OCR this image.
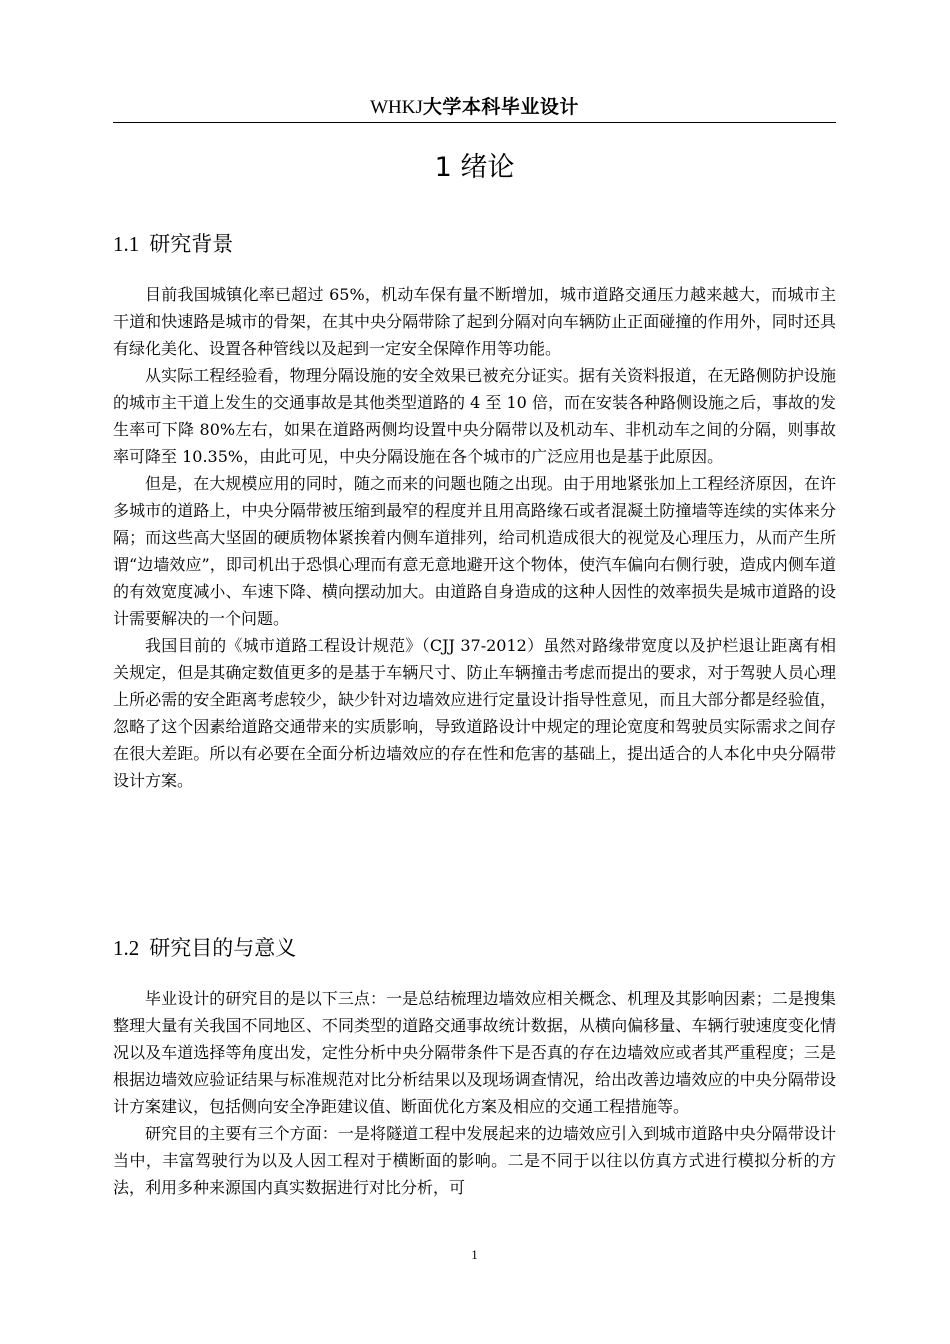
WHKJ大学本科毕业设计
1 绪论
1.1 研究背景

目前我国城镇化率已超过 65%，机动车保有量不断增加，城市道路交通压力越来越大，而城市主干道和快速路是城市的骨架，在其中央分隔带除了起到分隔对向车辆防止正面碰撞的作用外，同时还具有绿化美化、设置各种管线以及起到一定安全保障作用等功能。

从实际工程经验看，物理分隔设施的安全效果已被充分证实。据有关资料报道，在无路侧防护设施的城市主干道上发生的交通事故是其他类型道路的 4 至 10 倍，而在安装各种路侧设施之后，事故的发生率可下降 80%左右，如果在道路两侧均设置中央分隔带以及机动车、非机动车之间的分隔，则事故率可降至 10.35%，由此可见，中央分隔设施在各个城市的广泛应用也是基于此原因。

但是，在大规模应用的同时，随之而来的问题也随之出现。由于用地紧张加上工程经济原因，在许多城市的道路上，中央分隔带被压缩到最窄的程度并且用高路缘石或者混凝土防撞墙等连续的实体来分隔；而这些高大坚固的硬质物体紧挨着内侧车道排列，给司机造成很大的视觉及心理压力，从而产生所谓“边墙效应”，即司机出于恐惧心理而有意无意地避开这个物体，使汽车偏向右侧行驶，造成内侧车道的有效宽度减小、车速下降、横向摆动加大。由道路自身造成的这种人因性的效率损失是城市道路的设计需要解决的一个问题。

我国目前的《城市道路工程设计规范》（CJJ 37-2012）虽然对路缘带宽度以及护栏退让距离有相关规定，但是其确定数值更多的是基于车辆尺寸、防止车辆撞击考虑而提出的要求，对于驾驶人员心理上所必需的安全距离考虑较少，缺少针对边墙效应进行定量设计指导性意见，而且大部分都是经验值，忽略了这个因素给道路交通带来的实质影响，导致道路设计中规定的理论宽度和驾驶员实际需求之间存在很大差距。所以有必要在全面分析边墙效应的存在性和危害的基础上，提出适合的人本化中央分隔带设计方案。

1.2 研究目的与意义

毕业设计的研究目的是以下三点：一是总结梳理边墙效应相关概念、机理及其影响因素；二是搜集整理大量有关我国不同地区、不同类型的道路交通事故统计数据，从横向偏移量、车辆行驶速度变化情况以及车道选择等角度出发，定性分析中央分隔带条件下是否真的存在边墙效应或者其严重程度；三是根据边墙效应验证结果与标准规范对比分析结果以及现场调查情况，给出改善边墙效应的中央分隔带设计方案建议，包括侧向安全净距建议值、断面优化方案及相应的交通工程措施等。

研究目的主要有三个方面：一是将隧道工程中发展起来的边墙效应引入到城市道路中央分隔带设计当中，丰富驾驶行为以及人因工程对于横断面的影响。二是不同于以往以仿真方式进行模拟分析的方法，利用多种来源国内真实数据进行对比分析，可

1
